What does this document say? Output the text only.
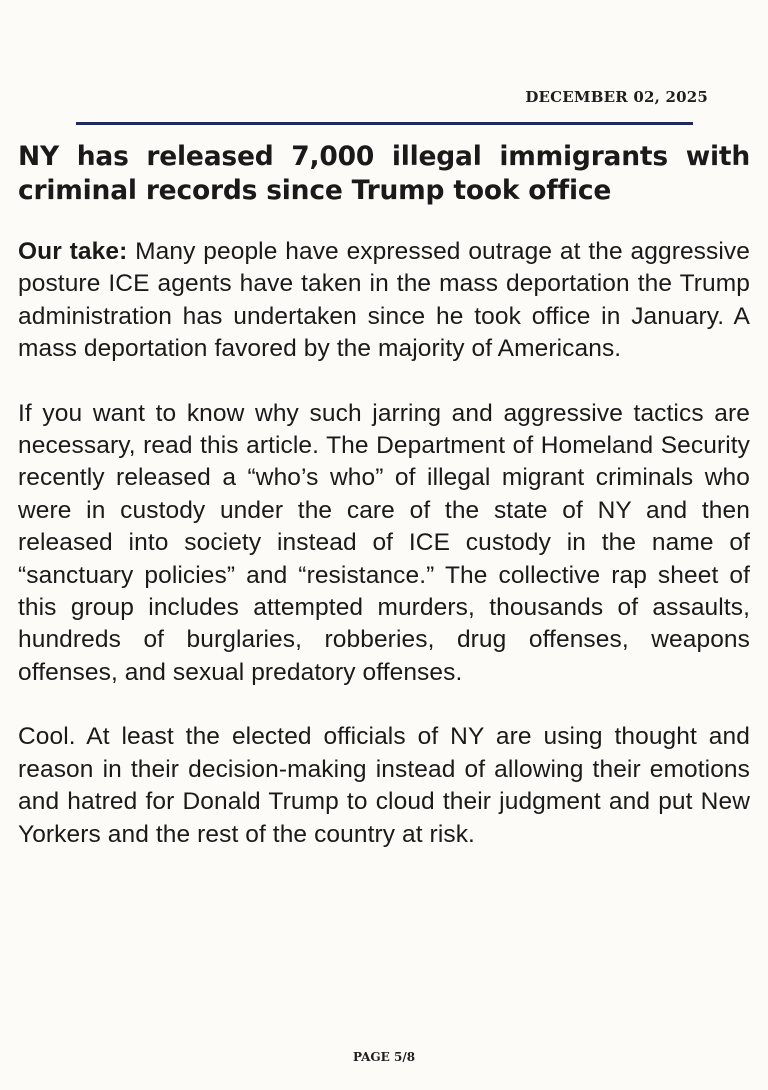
DECEMBER 02, 2025
NY has released 7,000 illegal immigrants with criminal records since Trump took office

Our take: Many people have expressed outrage at the aggressive posture ICE agents have taken in the mass deportation the Trump administration has undertaken since he took office in January. A mass deportation favored by the majority of Americans.

If you want to know why such jarring and aggressive tactics are necessary, read this article. The Department of Homeland Security recently released a “who’s who” of illegal migrant criminals who were in custody under the care of the state of NY and then released into society instead of ICE custody in the name of “sanctuary policies” and “resistance.” The collective rap sheet of this group includes attempted murders, thousands of assaults, hundreds of burglaries, robberies, drug offenses, weapons offenses, and sexual predatory offenses.

Cool. At least the elected officials of NY are using thought and reason in their decision-making instead of allowing their emotions and hatred for Donald Trump to cloud their judgment and put New Yorkers and the rest of the country at risk.

PAGE 5/8
